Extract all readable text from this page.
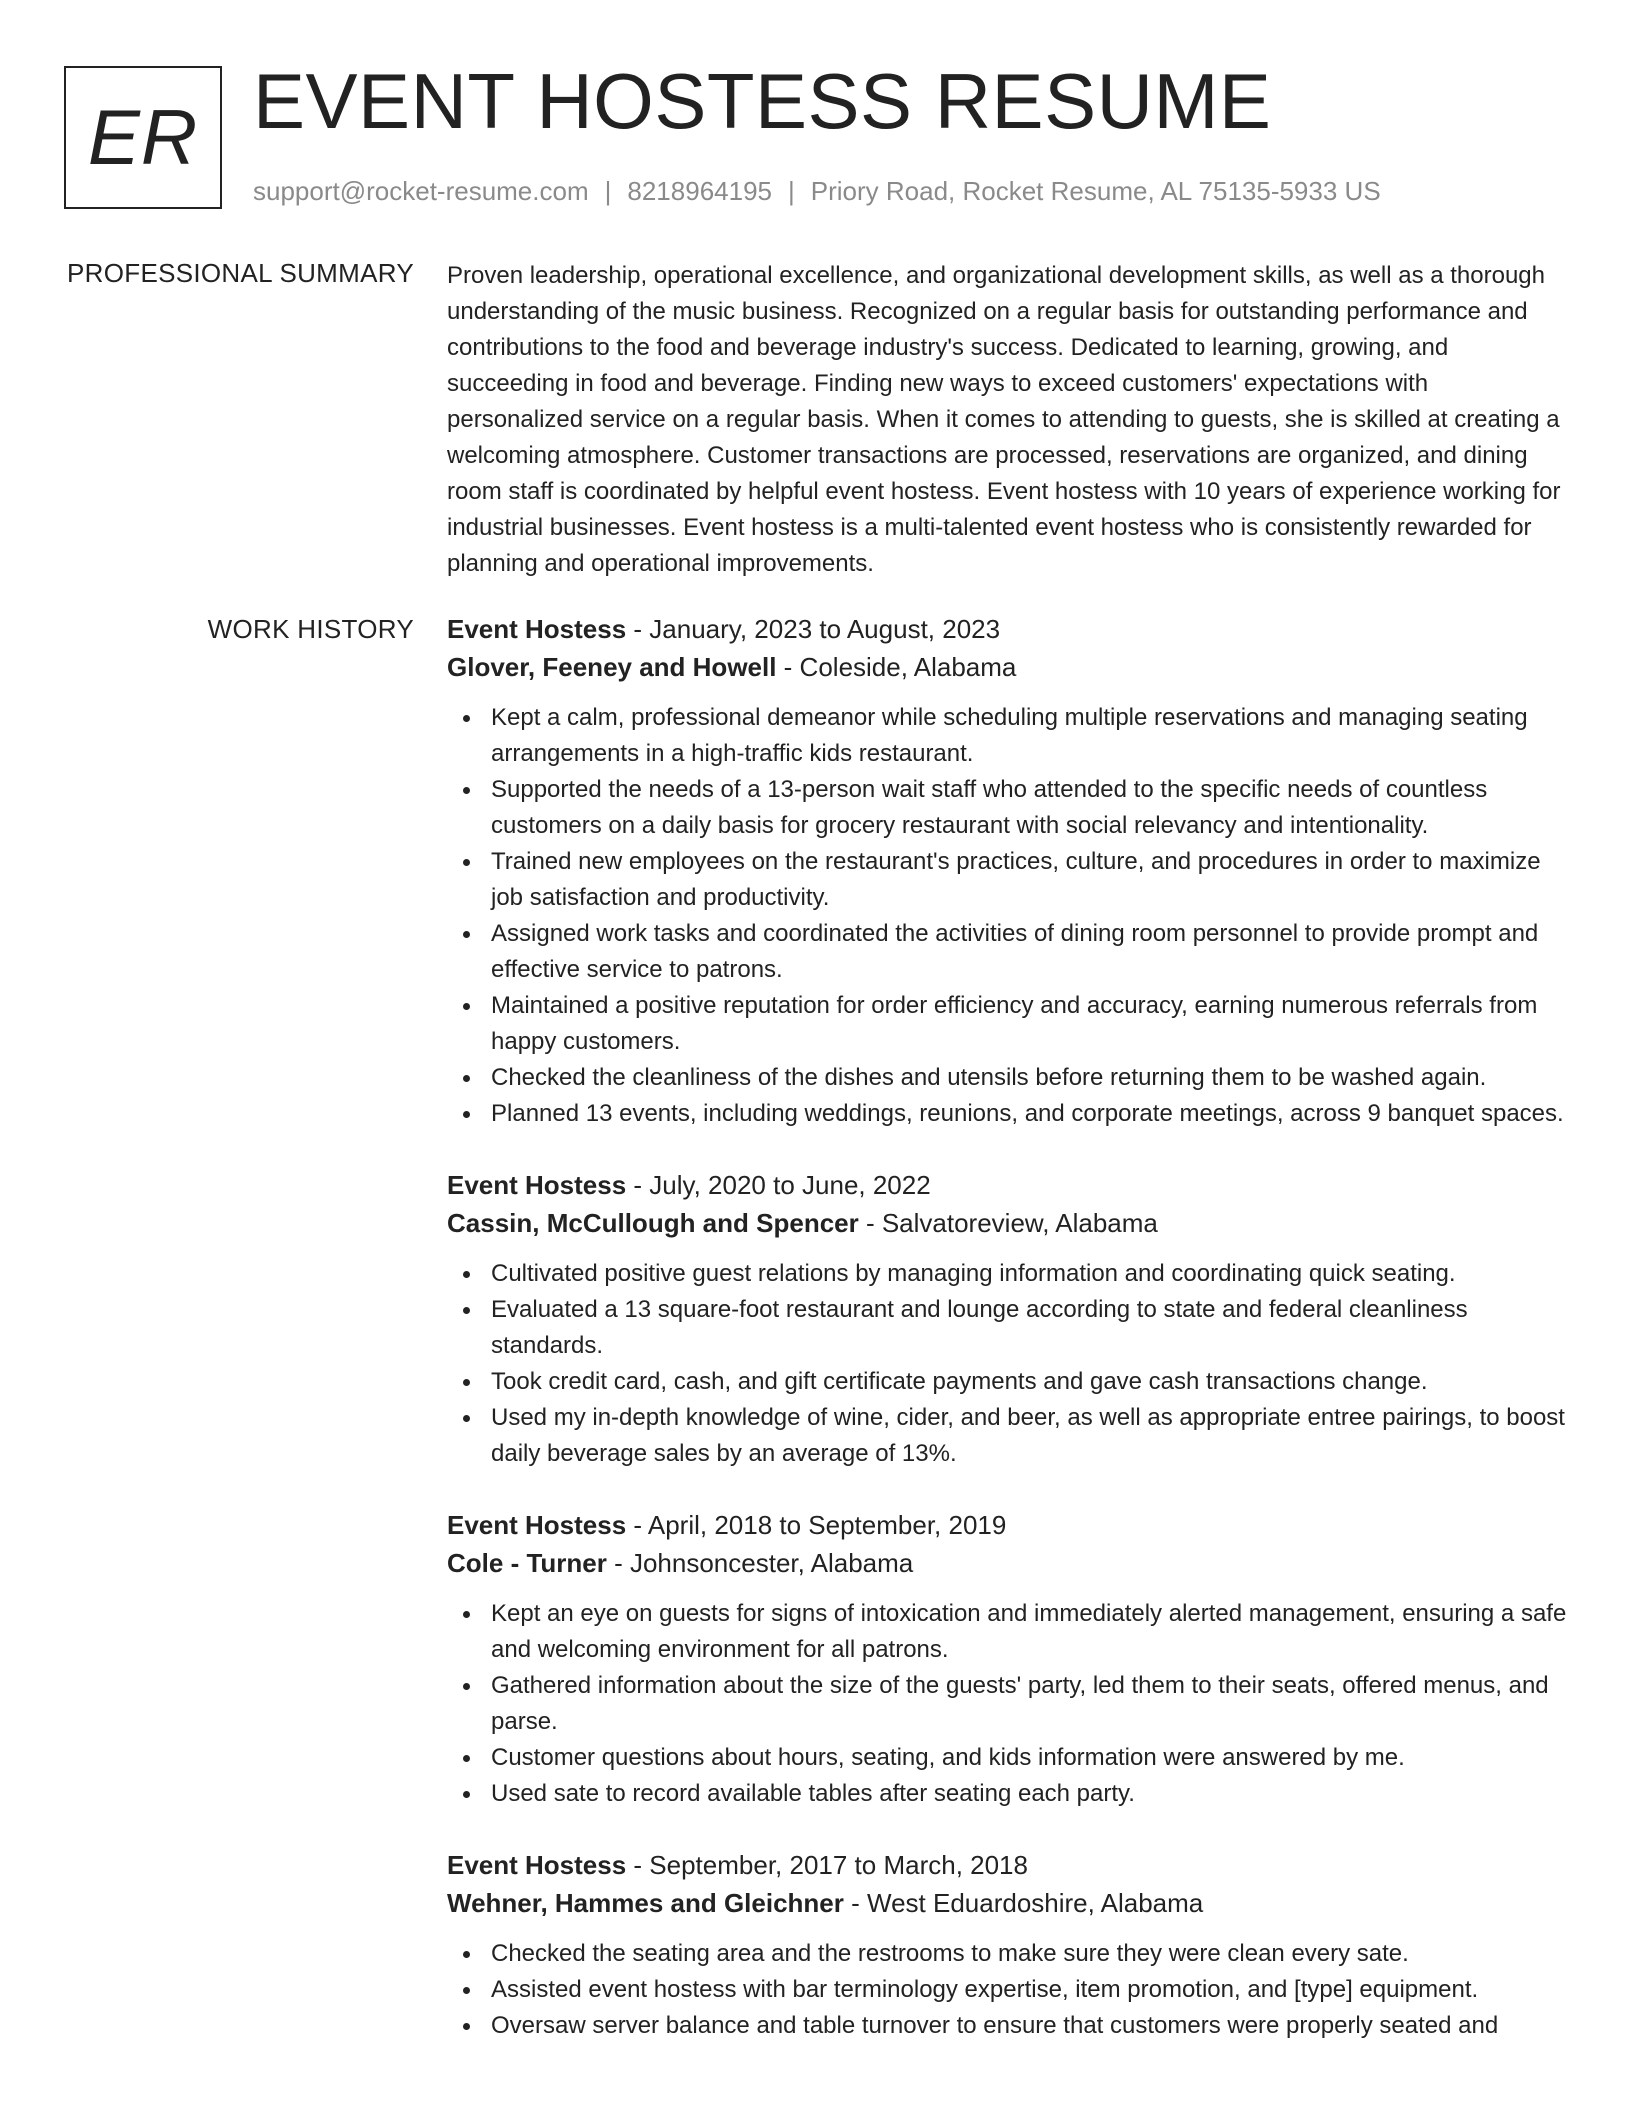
ER EVENT HOSTESS RESUME
support@rocket-resume.com | 8218964195 | Priory Road, Rocket Resume, AL 75135-5933 US
PROFESSIONAL SUMMARY Proven leadership, operational excellence, and organizational development skills, as well as a thorough understanding of the music business. Recognized on a regular basis for outstanding performance and contributions to the food and beverage industry's success. Dedicated to learning, growing, and succeeding in food and beverage. Finding new ways to exceed customers' expectations with personalized service on a regular basis. When it comes to attending to guests, she is skilled at creating a welcoming atmosphere. Customer transactions are processed, reservations are organized, and dining room staff is coordinated by helpful event hostess. Event hostess with 10 years of experience working for industrial businesses. Event hostess is a multi-talented event hostess who is consistently rewarded for planning and operational improvements.

WORK HISTORY Event Hostess - January, 2023 to August, 2023
Glover, Feeney and Howell - Coleside, Alabama
Kept a calm, professional demeanor while scheduling multiple reservations and managing seating arrangements in a high-traffic kids restaurant.
Supported the needs of a 13-person wait staff who attended to the specific needs of countless customers on a daily basis for grocery restaurant with social relevancy and intentionality.
Trained new employees on the restaurant's practices, culture, and procedures in order to maximize job satisfaction and productivity.
Assigned work tasks and coordinated the activities of dining room personnel to provide prompt and effective service to patrons.
Maintained a positive reputation for order efficiency and accuracy, earning numerous referrals from happy customers.
Checked the cleanliness of the dishes and utensils before returning them to be washed again.
Planned 13 events, including weddings, reunions, and corporate meetings, across 9 banquet spaces.
Event Hostess - July, 2020 to June, 2022
Cassin, McCullough and Spencer - Salvatoreview, Alabama
Cultivated positive guest relations by managing information and coordinating quick seating.
Evaluated a 13 square-foot restaurant and lounge according to state and federal cleanliness standards.
Took credit card, cash, and gift certificate payments and gave cash transactions change.
Used my in-depth knowledge of wine, cider, and beer, as well as appropriate entree pairings, to boost daily beverage sales by an average of 13%.
Event Hostess - April, 2018 to September, 2019
Cole - Turner - Johnsoncester, Alabama
Kept an eye on guests for signs of intoxication and immediately alerted management, ensuring a safe and welcoming environment for all patrons.
Gathered information about the size of the guests' party, led them to their seats, offered menus, and parse.
Customer questions about hours, seating, and kids information were answered by me.
Used sate to record available tables after seating each party.
Event Hostess - September, 2017 to March, 2018
Wehner, Hammes and Gleichner - West Eduardoshire, Alabama
Checked the seating area and the restrooms to make sure they were clean every sate.
Assisted event hostess with bar terminology expertise, item promotion, and [type] equipment.
Oversaw server balance and table turnover to ensure that customers were properly seated and
